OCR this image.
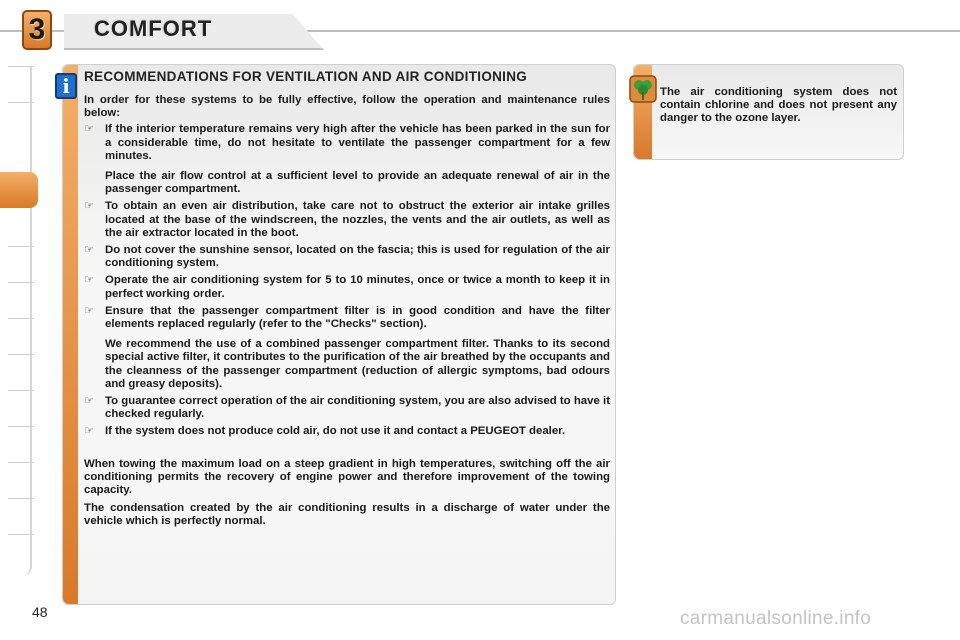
3	COMFORT
RECOMMENDATIONS FOR VENTILATION AND AIR CONDITIONING
In order for these systems to be fully effective, follow the operation and maintenance rules below:
☞ If the interior temperature remains very high after the vehicle has been parked in the sun for a considerable time, do not hesitate to ventilate the passenger compartment for a few minutes.
Place the air flow control at a sufficient level to provide an adequate renewal of air in the passenger compartment.
☞ To obtain an even air distribution, take care not to obstruct the exterior air intake grilles located at the base of the windscreen, the nozzles, the vents and the air outlets, as well as the air extractor located in the boot.
☞ Do not cover the sunshine sensor, located on the fascia; this is used for regulation of the air conditioning system.
☞ Operate the air conditioning system for 5 to 10 minutes, once or twice a month to keep it in perfect working order.
☞ Ensure that the passenger compartment filter is in good condition and have the filter elements replaced regularly (refer to the "Checks" section).
We recommend the use of a combined passenger compartment filter. Thanks to its second special active filter, it contributes to the purification of the air breathed by the occupants and the cleanness of the passenger compartment (reduction of allergic symptoms, bad odours and greasy deposits).
☞ To guarantee correct operation of the air conditioning system, you are also advised to have it checked regularly.
☞ If the system does not produce cold air, do not use it and contact a PEUGEOT dealer.
When towing the maximum load on a steep gradient in high temperatures, switching off the air conditioning permits the recovery of engine power and therefore improvement of the towing capacity.
The condensation created by the air conditioning results in a discharge of water under the vehicle which is perfectly normal.
i	The air conditioning system does not contain chlorine and does not present any danger to the ozone layer.
48	carmanualsonline.info
